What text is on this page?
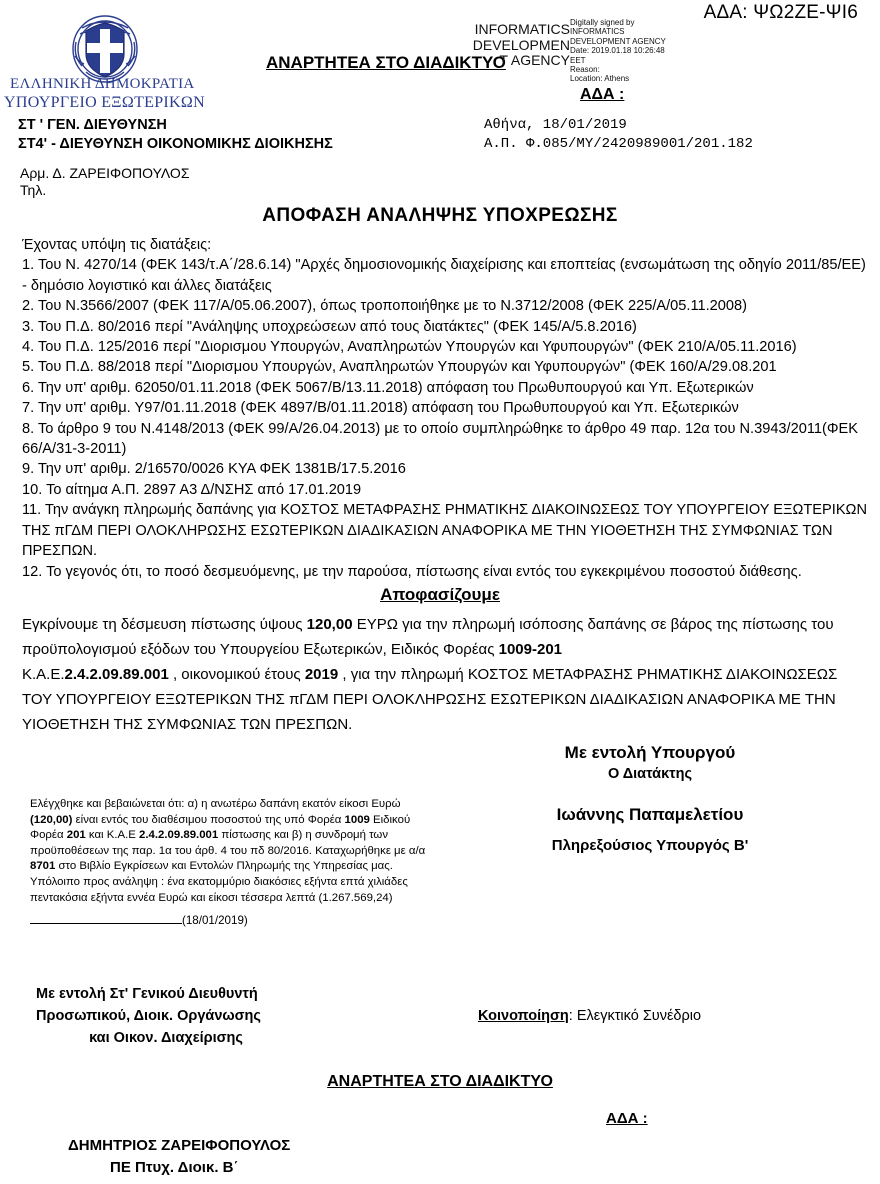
ΑΔΑ: ΨΩ2ΖΕ-ΨΙ6
ΕΛΛΗΝΙΚΗ ΔΗΜΟΚΡΑΤΙΑ
ΥΠΟΥΡΓΕΙΟ ΕΞΩΤΕΡΙΚΩΝ
ΑΝΑΡΤΗΤΕΑ ΣΤΟ ΔΙΑΔΙΚΤΥΟ
INFORMATICS
DEVELOPMEN
T AGENCY
Digitally signed by
INFORMATICS
DEVELOPMENT AGENCY
Date: 2019.01.18 10:26:48
EET
Reason:
Location: Athens
ΑΔΑ :
ΣΤ ' ΓΕΝ. ΔΙΕΥΘΥΝΣΗ
ΣΤ4' - ΔΙΕΥΘΥΝΣΗ ΟΙΚΟΝΟΜΙΚΗΣ ΔΙΟΙΚΗΣΗΣ
Αθήνα, 18/01/2019
Α.Π. Φ.085/ΜΥ/2420989001/201.182
Αρμ. Δ. ΖΑΡΕΙΦΟΠΟΥΛΟΣ
Τηλ.
ΑΠΟΦΑΣΗ ΑΝΑΛΗΨΗΣ ΥΠΟΧΡΕΩΣΗΣ
Έχοντας υπόψη τις διατάξεις:
1. Του Ν. 4270/14 (ΦΕΚ 143/τ.Α΄/28.6.14) "Αρχές δημοσιονομικής διαχείρισης και εποπτείας (ενσωμάτωση της οδηγίο 2011/85/ΕΕ) - δημόσιο λογιστικό και άλλες διατάξεις
2. Του Ν.3566/2007 (ΦΕΚ 117/Α/05.06.2007), όπως τροποποιήθηκε με το Ν.3712/2008 (ΦΕΚ 225/Α/05.11.2008)
3. Του Π.Δ. 80/2016 περί "Ανάληψης υποχρεώσεων από τους διατάκτες" (ΦΕΚ 145/Α/5.8.2016)
4. Του Π.Δ. 125/2016 περί "Διορισμου Υπουργών, Αναπληρωτών Υπουργών και Υφυπουργών" (ΦΕΚ 210/Α/05.11.2016)
5. Του Π.Δ. 88/2018 περί "Διορισμου Υπουργών, Αναπληρωτών Υπουργών και Υφυπουργών" (ΦΕΚ 160/Α/29.08.201
6. Την υπ' αριθμ. 62050/01.11.2018 (ΦΕΚ 5067/Β/13.11.2018) απόφαση του Πρωθυπουργού και Υπ. Εξωτερικών
7. Την υπ' αριθμ. Υ97/01.11.2018 (ΦΕΚ 4897/Β/01.11.2018) απόφαση του Πρωθυπουργού και Υπ. Εξωτερικών
8. Το άρθρο 9 του Ν.4148/2013 (ΦΕΚ 99/Α/26.04.2013) με το οποίο συμπληρώθηκε το άρθρο 49 παρ. 12α του Ν.3943/2011(ΦΕΚ 66/Α/31-3-2011)
9. Την υπ' αριθμ. 2/16570/0026 ΚΥΑ ΦΕΚ 1381Β/17.5.2016
10. Το αίτημα Α.Π. 2897 Α3 Δ/ΝΣΗΣ από 17.01.2019
11. Την ανάγκη πληρωμής δαπάνης για ΚΟΣΤΟΣ ΜΕΤΑΦΡΑΣΗΣ ΡΗΜΑΤΙΚΗΣ ΔΙΑΚΟΙΝΩΣΕΩΣ ΤΟΥ ΥΠΟΥΡΓΕΙΟΥ ΕΞΩΤΕΡΙΚΩΝ ΤΗΣ πΓΔΜ ΠΕΡΙ ΟΛΟΚΛΗΡΩΣΗΣ ΕΣΩΤΕΡΙΚΩΝ ΔΙΑΔΙΚΑΣΙΩΝ ΑΝΑΦΟΡΙΚΑ ΜΕ ΤΗΝ ΥΙΟΘΕΤΗΣΗ ΤΗΣ ΣΥΜΦΩΝΙΑΣ ΤΩΝ ΠΡΕΣΠΩΝ.
12. Το γεγονός ότι, το ποσό δεσμευόμενης, με την παρούσα, πίστωσης είναι εντός του εγκεκριμένου ποσοστού διάθεσης.
Αποφασίζουμε
Εγκρίνουμε τη δέσμευση πίστωσης ύψους 120,00 ΕΥΡΩ για την πληρωμή ισόποσης δαπάνης σε βάρος της πίστωσης του προϋπολογισμού εξόδων του Υπουργείου Εξωτερικών, Ειδικός Φορέας 1009-201
Κ.Α.Ε.2.4.2.09.89.001 , οικονομικού έτους 2019 , για την πληρωμή ΚΟΣΤΟΣ ΜΕΤΑΦΡΑΣΗΣ ΡΗΜΑΤΙΚΗΣ ΔΙΑΚΟΙΝΩΣΕΩΣ ΤΟΥ ΥΠΟΥΡΓΕΙΟΥ ΕΞΩΤΕΡΙΚΩΝ ΤΗΣ πΓΔΜ ΠΕΡΙ ΟΛΟΚΛΗΡΩΣΗΣ ΕΣΩΤΕΡΙΚΩΝ ΔΙΑΔΙΚΑΣΙΩΝ ΑΝΑΦΟΡΙΚΑ ΜΕ ΤΗΝ ΥΙΟΘΕΤΗΣΗ ΤΗΣ ΣΥΜΦΩΝΙΑΣ ΤΩΝ ΠΡΕΣΠΩΝ.
Με εντολή Υπουργού
Ο Διατάκτης
Ιωάννης Παπαμελετίου
Πληρεξούσιος Υπουργός Β'
Ελέγχθηκε και βεβαιώνεται ότι: α) η ανωτέρω δαπάνη εκατόν είκοσι Ευρώ (120,00) είναι εντός του διαθέσιμου ποσοστού της υπό Φορέα 1009 Ειδικού Φορέα 201 και Κ.Α.Ε 2.4.2.09.89.001 πίστωσης και β) η συνδρομή των προϋποθέσεων της παρ. 1α του άρθ. 4 του πδ 80/2016. Καταχωρήθηκε με α/α 8701 στο Βιβλίο Εγκρίσεων και Εντολών Πληρωμής της Υπηρεσίας μας.
Υπόλοιπο προς ανάληψη : ένα εκατομμύριο διακόσιες εξήντα επτά χιλιάδες πεντακόσια εξήντα εννέα Ευρώ και είκοσι τέσσερα λεπτά (1.267.569,24)
(18/01/2019)
Με εντολή Στ' Γενικού Διευθυντή
Προσωπικού, Διοικ. Οργάνωσης
και Οικον. Διαχείρισης
Κοινοποίηση: Ελεγκτικό Συνέδριο
ΑΝΑΡΤΗΤΕΑ ΣΤΟ ΔΙΑΔΙΚΤΥΟ
ΑΔΑ :
ΔΗΜΗΤΡΙΟΣ ΖΑΡΕΙΦΟΠΟΥΛΟΣ
ΠΕ Πτυχ. Διοικ. Β΄
